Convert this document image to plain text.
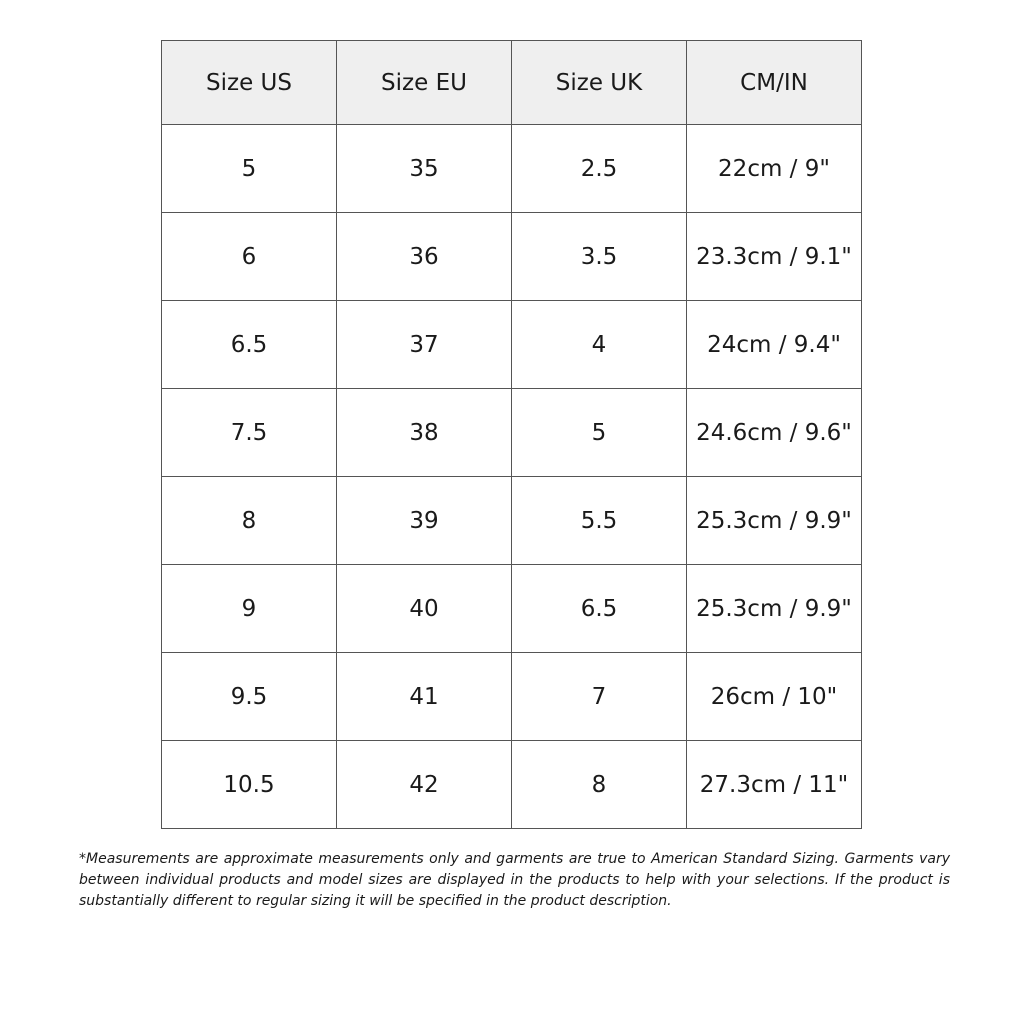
Size US	Size EU	Size UK	CM/IN
5	35	2.5	22cm / 9"
6	36	3.5	23.3cm / 9.1"
6.5	37	4	24cm / 9.4"
7.5	38	5	24.6cm / 9.6"
8	39	5.5	25.3cm / 9.9"
9	40	6.5	25.3cm / 9.9"
9.5	41	7	26cm / 10"
10.5	42	8	27.3cm / 11"

*Measurements are approximate measurements only and garments are true to American Standard Sizing. Garments vary between individual products and model sizes are displayed in the products to help with your selections. If the product is substantially different to regular sizing it will be specified in the product description.
